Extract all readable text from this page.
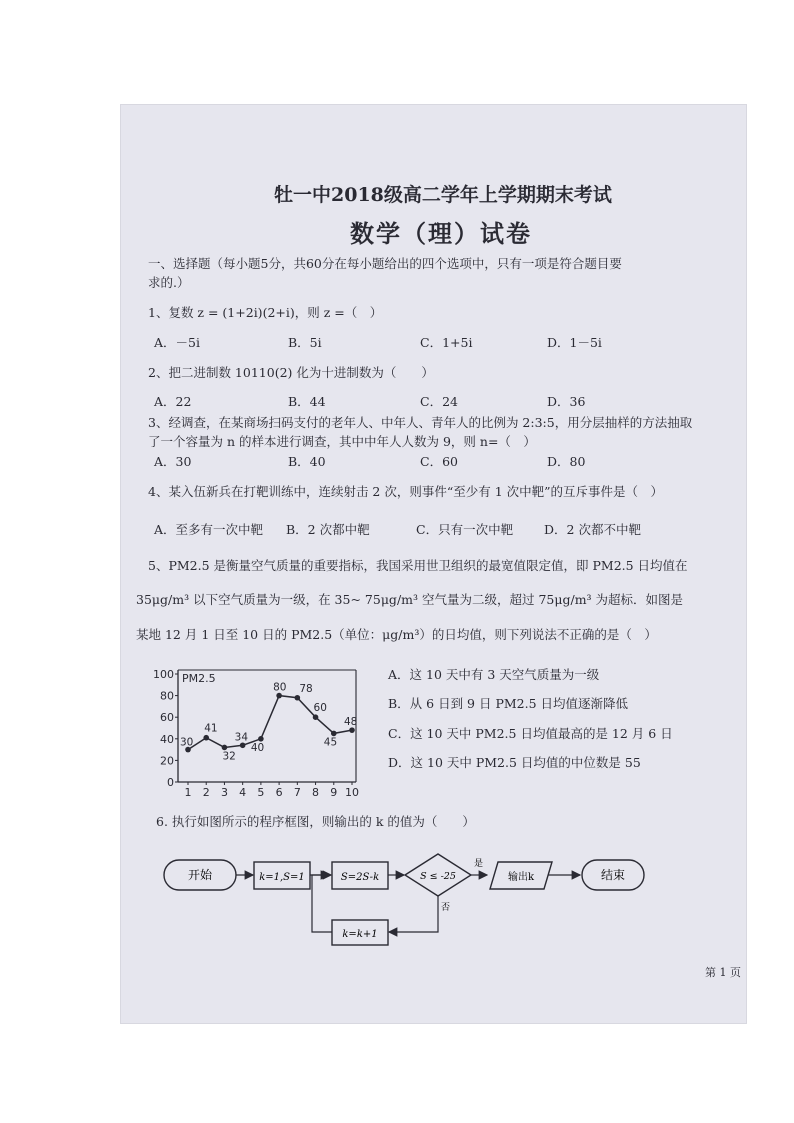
牡一中2018级高二学年上学期期末考试
数学（理）试卷
一、选择题（每小题5分，共60分在每小题给出的四个选项中，只有一项是符合题目要
求的.）
1、复数 z = (1+2i)(2+i)，则 z =（　）
A．－5i	B．5i	C．1+5i	D．1－5i
2、把二进制数 10110(2) 化为十进制数为（　　）
A．22	B．44	C．24	D．36
3、经调查，在某商场扫码支付的老年人、中年人、青年人的比例为 2:3:5，用分层抽样的方法抽取
了一个容量为 n 的样本进行调查，其中中年人人数为 9，则 n=（　）
A．30	B．40	C．60	D．80
4、某入伍新兵在打靶训练中，连续射击 2 次，则事件“至少有 1 次中靶”的互斥事件是（　）
A．至多有一次中靶 B．2 次都中靶	C．只有一次中靶 D．2 次都不中靶
5、PM2.5 是衡量空气质量的重要指标，我国采用世卫组织的最宽值限定值，即 PM2.5 日均值在
35μg/m³ 以下空气质量为一级，在 35~ 75μg/m³ 空气量为二级，超过 75μg/m³ 为超标．如图是
某地 12 月 1 日至 10 日的 PM2.5（单位：μg/m³）的日均值，则下列说法不正确的是（　）
0
20
40
60
80
100
1 2 3 4 5 6 7 8 9 10
PM2.5
30
41
32
34
40
80 78
60
45
48
A．这 10 天中有 3 天空气质量为一级
B．从 6 日到 9 日 PM2.5 日均值逐渐降低
C．这 10 天中 PM2.5 日均值最高的是 12 月 6 日
D．这 10 天中 PM2.5 日均值的中位数是 55
6. 执行如图所示的程序框图，则输出的 k 的值为（　　）
开始	k=1,S=1	S=2S-k	S ≤ -25
是
输出k	结束
否
k=k+1
第 1 页
